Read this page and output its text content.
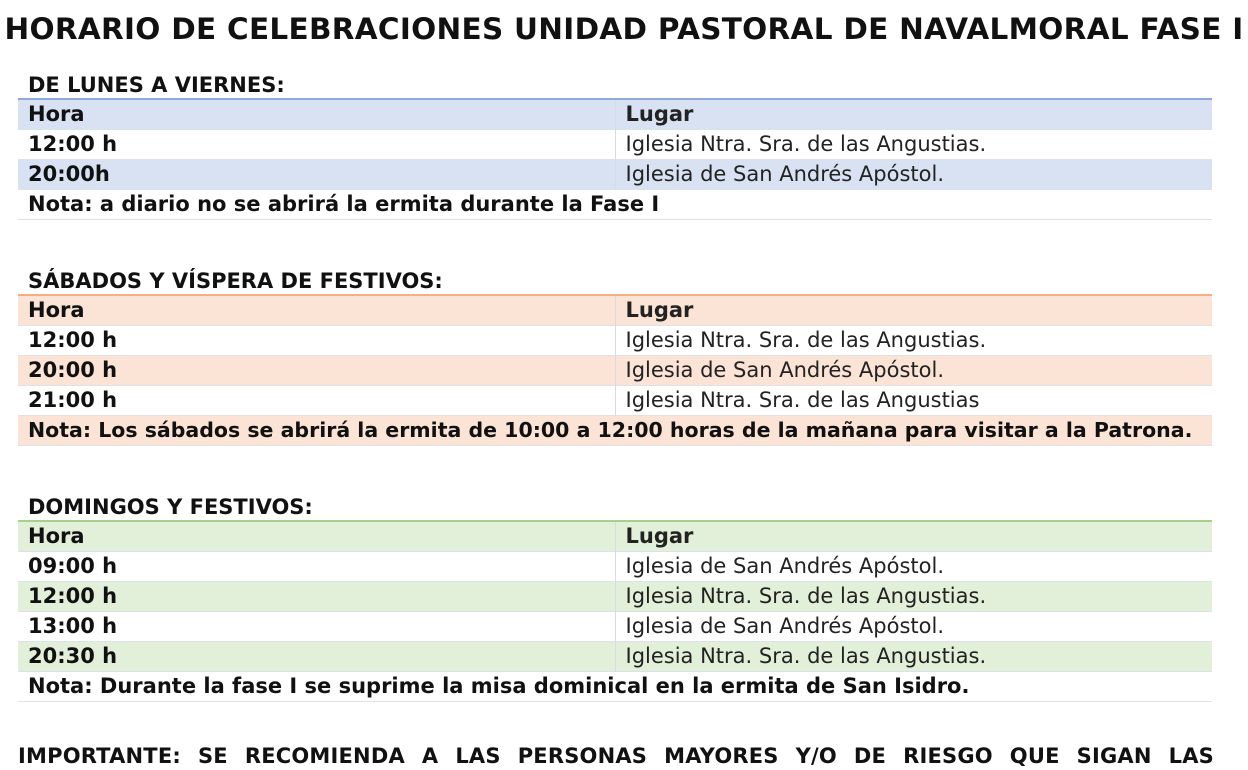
HORARIO DE CELEBRACIONES UNIDAD PASTORAL DE NAVALMORAL FASE I
DE LUNES A VIERNES:
Hora	Lugar
12:00 h	Iglesia Ntra. Sra. de las Angustias.
20:00h	Iglesia de San Andrés Apóstol.
Nota: a diario no se abrirá la ermita durante la Fase I	
SÁBADOS Y VÍSPERA DE FESTIVOS:
Hora	Lugar
12:00 h	Iglesia Ntra. Sra. de las Angustias.
20:00 h	Iglesia de San Andrés Apóstol.
21:00 h	Iglesia Ntra. Sra. de las Angustias
Nota: Los sábados se abrirá la ermita de 10:00 a 12:00 horas de la mañana para visitar a la Patrona.	
DOMINGOS Y FESTIVOS:
Hora	Lugar
09:00 h	Iglesia de San Andrés Apóstol.
12:00 h	Iglesia Ntra. Sra. de las Angustias.
13:00 h	Iglesia de San Andrés Apóstol.
20:30 h	Iglesia Ntra. Sra. de las Angustias.
Nota: Durante la fase I se suprime la misa dominical en la ermita de San Isidro.	
IMPORTANTE: SE RECOMIENDA A LAS PERSONAS MAYORES Y/O DE RIESGO QUE SIGAN LAS
